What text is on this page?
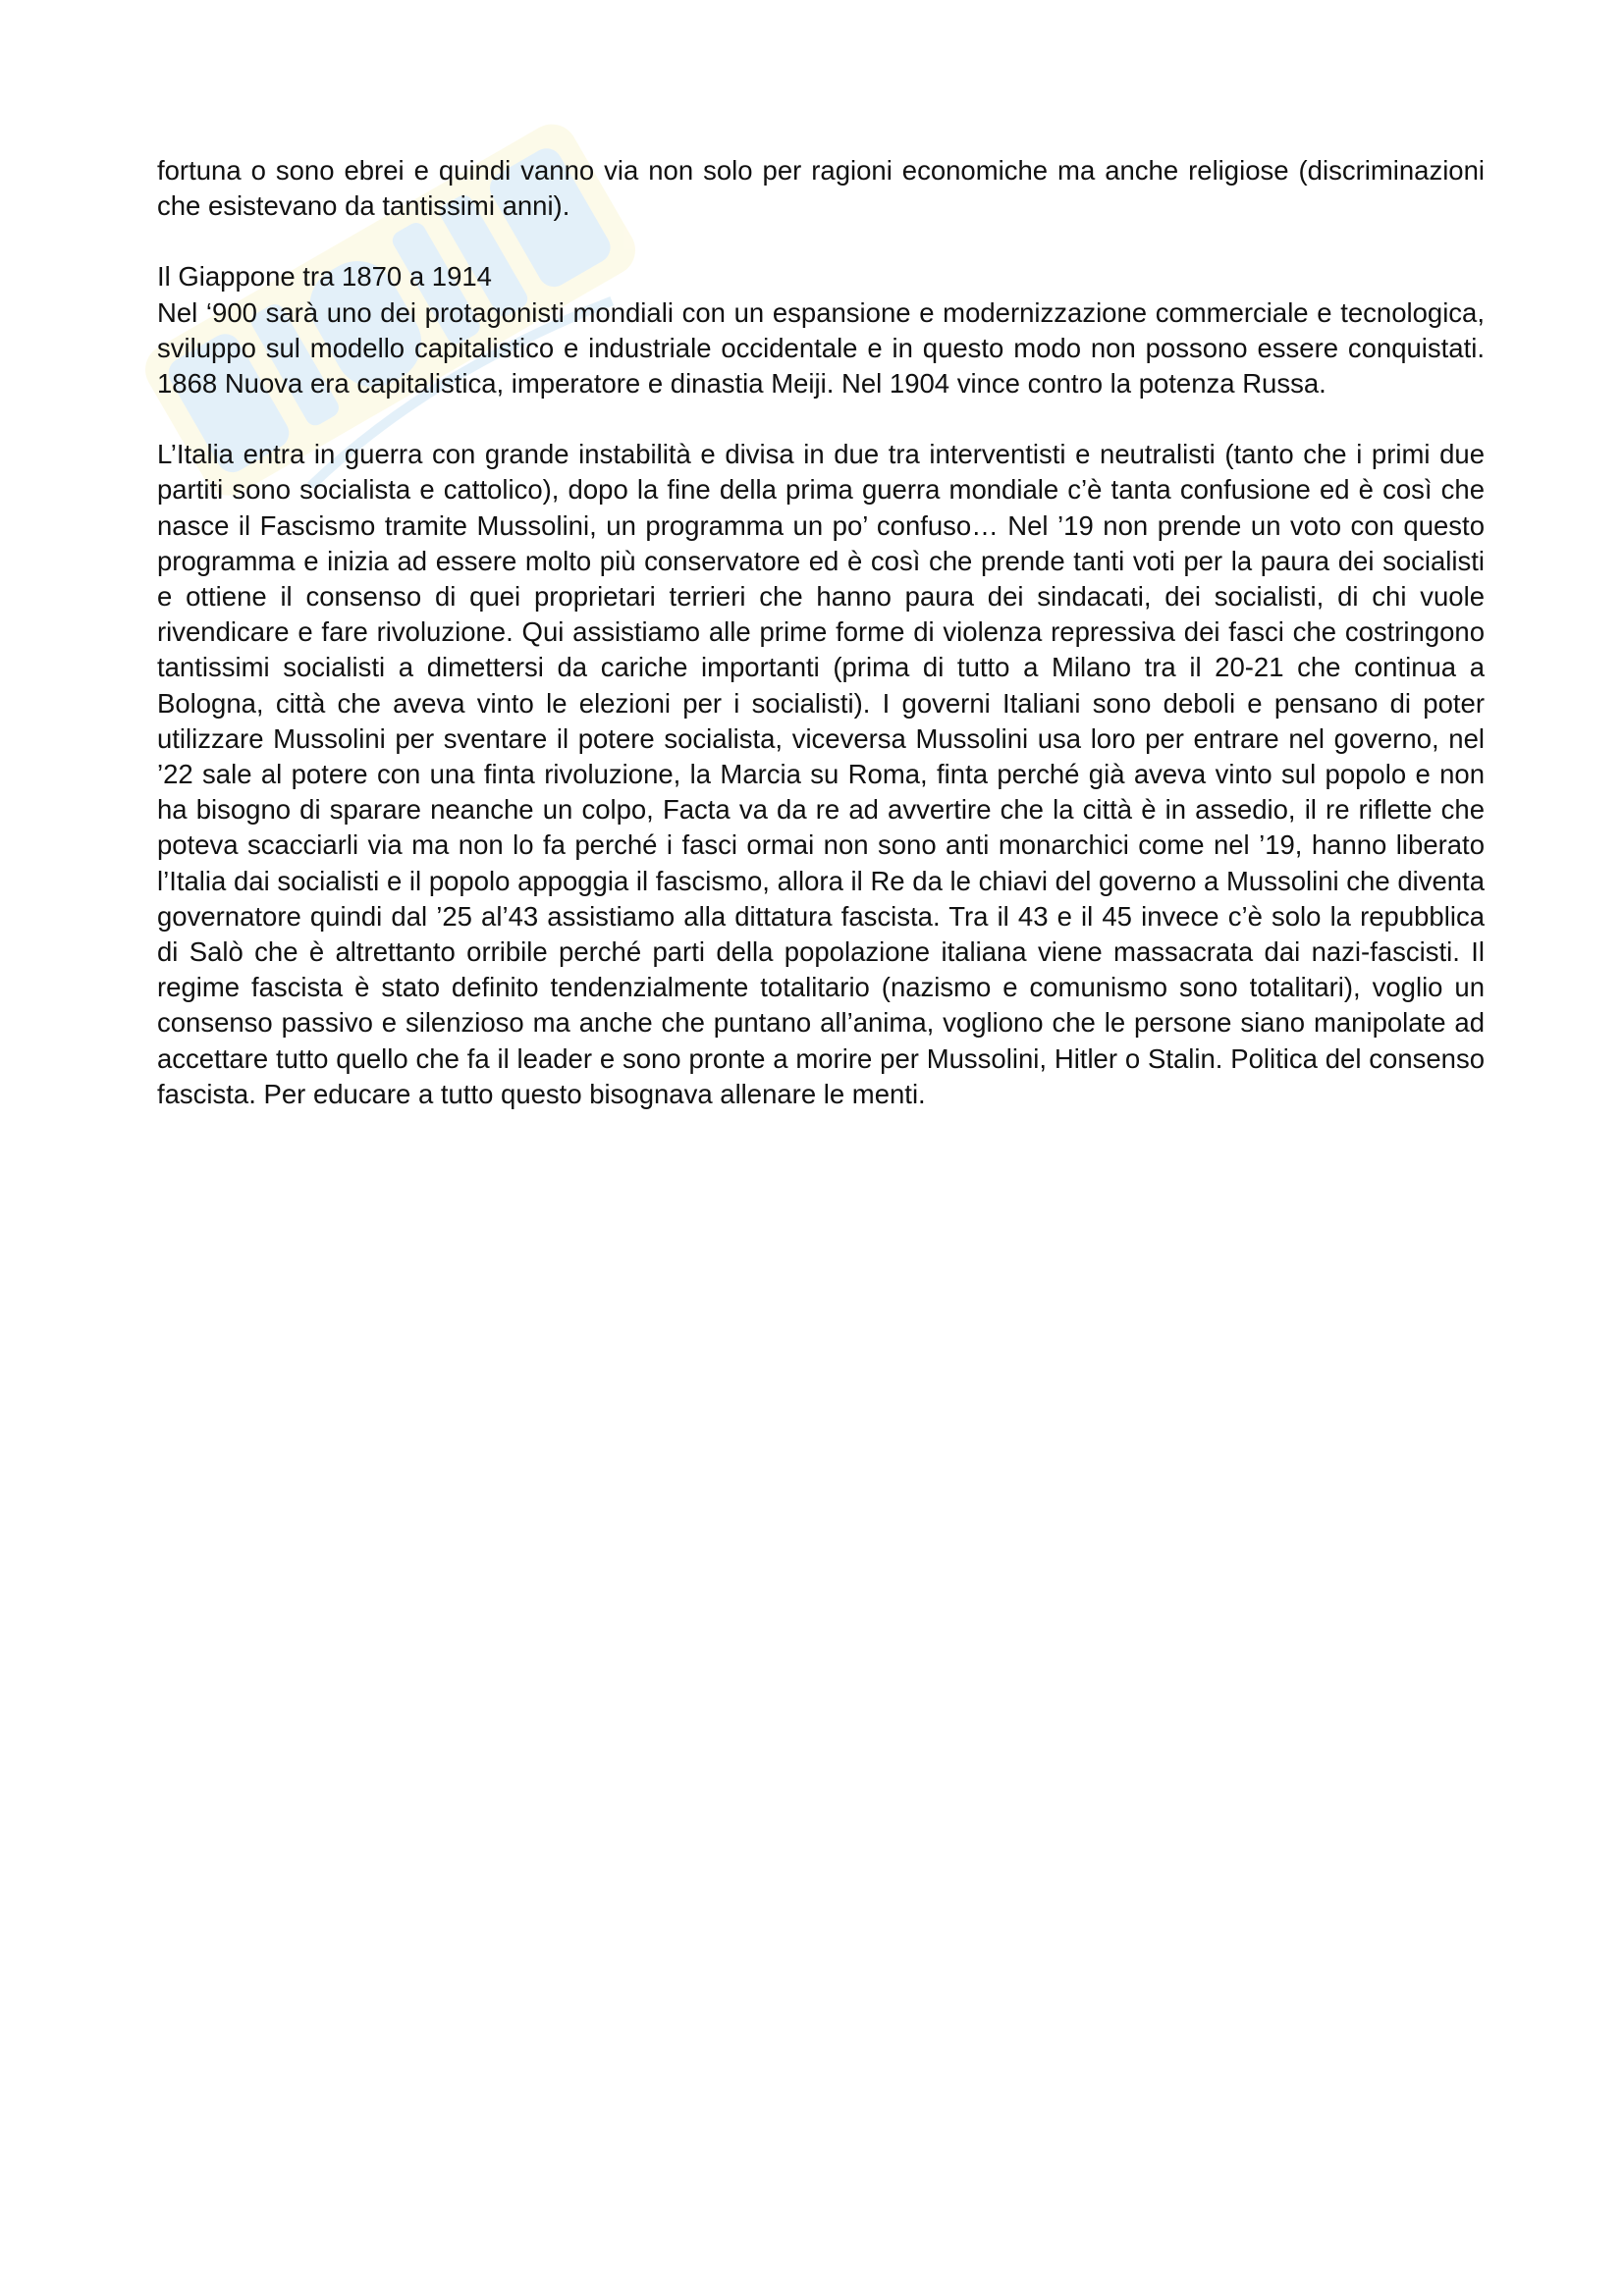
fortuna o sono ebrei e quindi vanno via non solo per ragioni economiche ma anche religiose (discriminazioni che esistevano da tantissimi anni).

Il Giappone tra 1870 a 1914

Nel ‘900 sarà uno dei protagonisti mondiali con un espansione e modernizzazione commerciale e tecnologica, sviluppo sul modello capitalistico e industriale occidentale e in questo modo non possono essere conquistati. 1868 Nuova era capitalistica, imperatore e dinastia Meiji. Nel 1904 vince contro la potenza Russa.

L’Italia entra in guerra con grande instabilità e divisa in due tra interventisti e neutralisti (tanto che i primi due partiti sono socialista e cattolico), dopo la fine della prima guerra mondiale c’è tanta confusione ed è così che nasce il Fascismo tramite Mussolini, un programma un po’ confuso… Nel ’19 non prende un voto con questo programma e inizia ad essere molto più conservatore ed è così che prende tanti voti per la paura dei socialisti e ottiene il consenso di quei proprietari terrieri che hanno paura dei sindacati, dei socialisti, di chi vuole rivendicare e fare rivoluzione. Qui assistiamo alle prime forme di violenza repressiva dei fasci che costringono tantissimi socialisti a dimettersi da cariche importanti (prima di tutto a Milano tra il 20-21 che continua a Bologna, città che aveva vinto le elezioni per i socialisti). I governi Italiani sono deboli e pensano di poter utilizzare Mussolini per sventare il potere socialista, viceversa Mussolini usa loro per entrare nel governo, nel ’22 sale al potere con una finta rivoluzione, la Marcia su Roma, finta perché già aveva vinto sul popolo e non ha bisogno di sparare neanche un colpo, Facta va da re ad avvertire che la città è in assedio, il re riflette che poteva scacciarli via ma non lo fa perché i fasci ormai non sono anti monarchici come nel ’19, hanno liberato l’Italia dai socialisti e il popolo appoggia il fascismo, allora il Re da le chiavi del governo a Mussolini che diventa governatore quindi dal ’25 al’43 assistiamo alla dittatura fascista. Tra il 43 e il 45 invece c’è solo la repubblica di Salò che è altrettanto orribile perché parti della popolazione italiana viene massacrata dai nazi-fascisti. Il regime fascista è stato definito tendenzialmente totalitario (nazismo e comunismo sono totalitari), voglio un consenso passivo e silenzioso ma anche che puntano all’anima, vogliono che le persone siano manipolate ad accettare tutto quello che fa il leader e sono pronte a morire per Mussolini, Hitler o Stalin. Politica del consenso fascista. Per educare a tutto questo bisognava allenare le menti.
